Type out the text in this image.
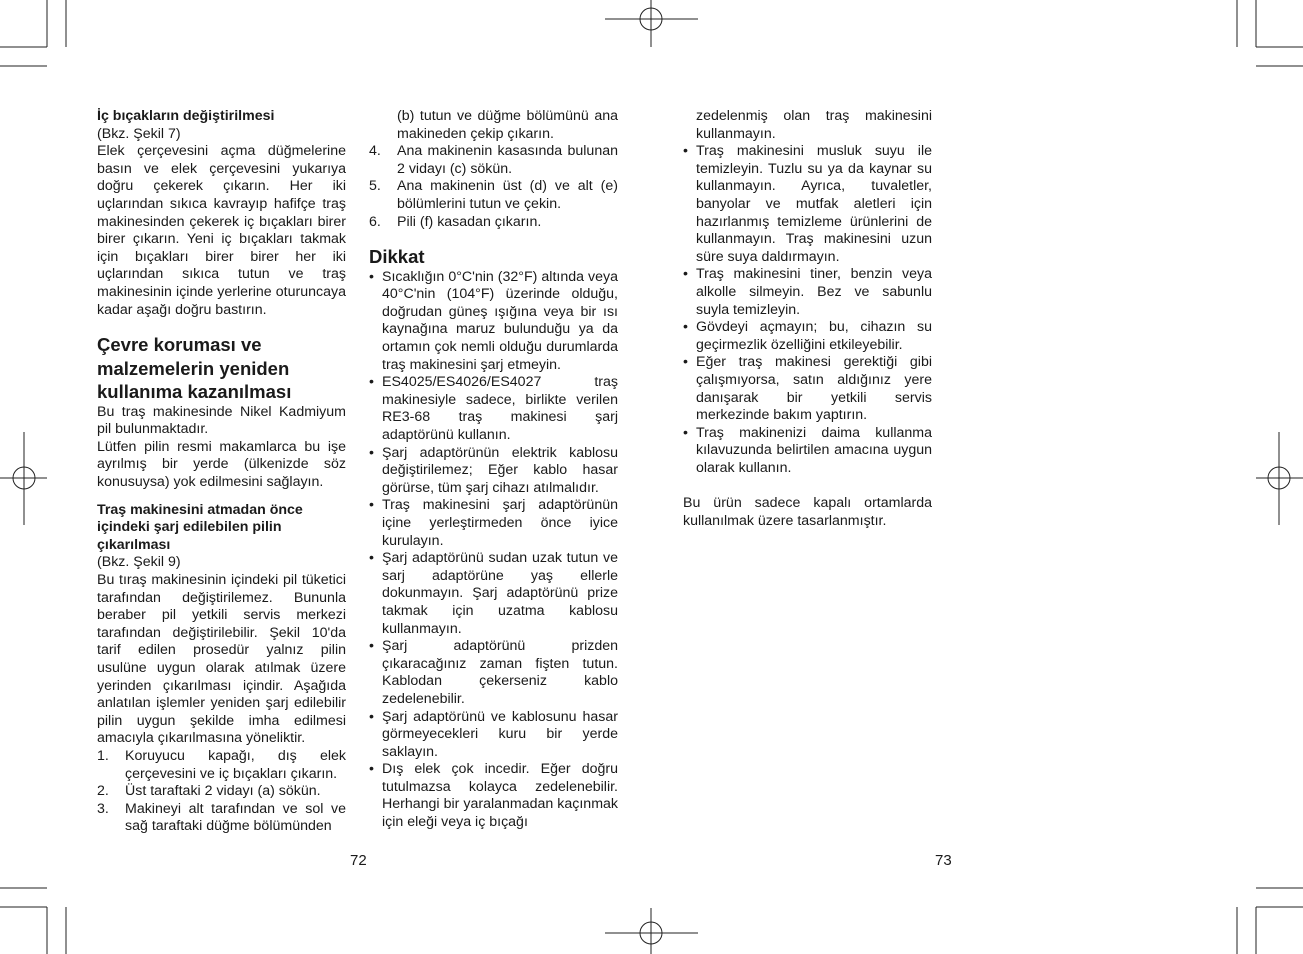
İç bıçakların değiştirilmesi

(Bkz. Şekil 7)

Elek çerçevesini açma düğmelerine basın ve elek çerçevesini yukarıya doğru çekerek çıkarın. Her iki uçlarından sıkıca kavrayıp hafifçe traş makinesinden çekerek iç bıçakları birer birer çıkarın. Yeni iç bıçakları takmak için bıçakları birer birer her iki uçlarından sıkıca tutun ve traş makinesinin içinde yerlerine oturuncaya kadar aşağı doğru bastırın.

Çevre koruması ve malzemelerin yeniden kullanıma kazanılması

Bu traş makinesinde Nikel Kadmiyum pil bulunmaktadır.

Lütfen pilin resmi makamlarca bu işe ayrılmış bir yerde (ülkenizde söz konusuysa) yok edilmesini sağlayın.

Traş makinesini atmadan önce içindeki şarj edilebilen pilin çıkarılması

(Bkz. Şekil 9)

Bu tıraş makinesinin içindeki pil tüketici tarafından değiştirilemez. Bununla beraber pil yetkili servis merkezi tarafından değiştirilebilir. Şekil 10'da tarif edilen prosedür yalnız pilin usulüne uygun olarak atılmak üzere yerinden çıkarılması içindir. Aşağıda anlatılan işlemler yeniden şarj edilebilir pilin uygun şekilde imha edilmesi amacıyla çıkarılmasına yöneliktir.

1. Koruyucu kapağı, dış elek çerçevesini ve iç bıçakları çıkarın.
2. Üst taraftaki 2 vidayı (a) sökün.
3. Makineyi alt tarafından ve sol ve sağ taraftaki düğme bölümünden

(b) tutun ve düğme bölümünü ana makineden çekip çıkarın.

4. Ana makinenin kasasında bulunan 2 vidayı (c) sökün.
5. Ana makinenin üst (d) ve alt (e) bölümlerini tutun ve çekin.
6. Pili (f) kasadan çıkarın.
Dikkat
• Sıcaklığın 0°C'nin (32°F) altında veya 40°C'nin (104°F) üzerinde olduğu, doğrudan güneş ışığına veya bir ısı kaynağına maruz bulunduğu ya da ortamın çok nemli olduğu durumlarda traş makinesini şarj etmeyin.
• ES4025/ES4026/ES4027 traş makinesiyle sadece, birlikte verilen RE3-68 traş makinesi şarj adaptörünü kullanın.
• Şarj adaptörünün elektrik kablosu değiştirilemez; Eğer kablo hasar görürse, tüm şarj cihazı atılmalıdır.
• Traş makinesini şarj adaptörünün içine yerleştirmeden önce iyice kurulayın.
• Şarj adaptörünü sudan uzak tutun ve sarj adaptörüne yaş ellerle dokunmayın. Şarj adaptörünü prize takmak için uzatma kablosu kullanmayın.
• Şarj adaptörünü prizden çıkaracağınız zaman fişten tutun. Kablodan çekerseniz kablo zedelenebilir.
• Şarj adaptörünü ve kablosunu hasar görmeyecekleri kuru bir yerde saklayın.
• Dış elek çok incedir. Eğer doğru tutulmazsa kolayca zedelenebilir. Herhangi bir yaralanmadan kaçınmak için eleği veya iç bıçağı

zedelenmiş olan traş makinesini kullanmayın.

• Traş makinesini musluk suyu ile temizleyin. Tuzlu su ya da kaynar su kullanmayın. Ayrıca, tuvaletler, banyolar ve mutfak aletleri için hazırlanmış temizleme ürünlerini de kullanmayın. Traş makinesini uzun süre suya daldırmayın.
• Traş makinesini tiner, benzin veya alkolle silmeyin. Bez ve sabunlu suyla temizleyin.
• Gövdeyi açmayın; bu, cihazın su geçirmezlik özelliğini etkileyebilir.
• Eğer traş makinesi gerektiği gibi çalışmıyorsa, satın aldığınız yere danışarak bir yetkili servis merkezinde bakım yaptırın.
• Traş makinenizi daima kullanma kılavuzunda belirtilen amacına uygun olarak kullanın.

Bu ürün sadece kapalı ortamlarda kullanılmak üzere tasarlanmıştır.

72	73
